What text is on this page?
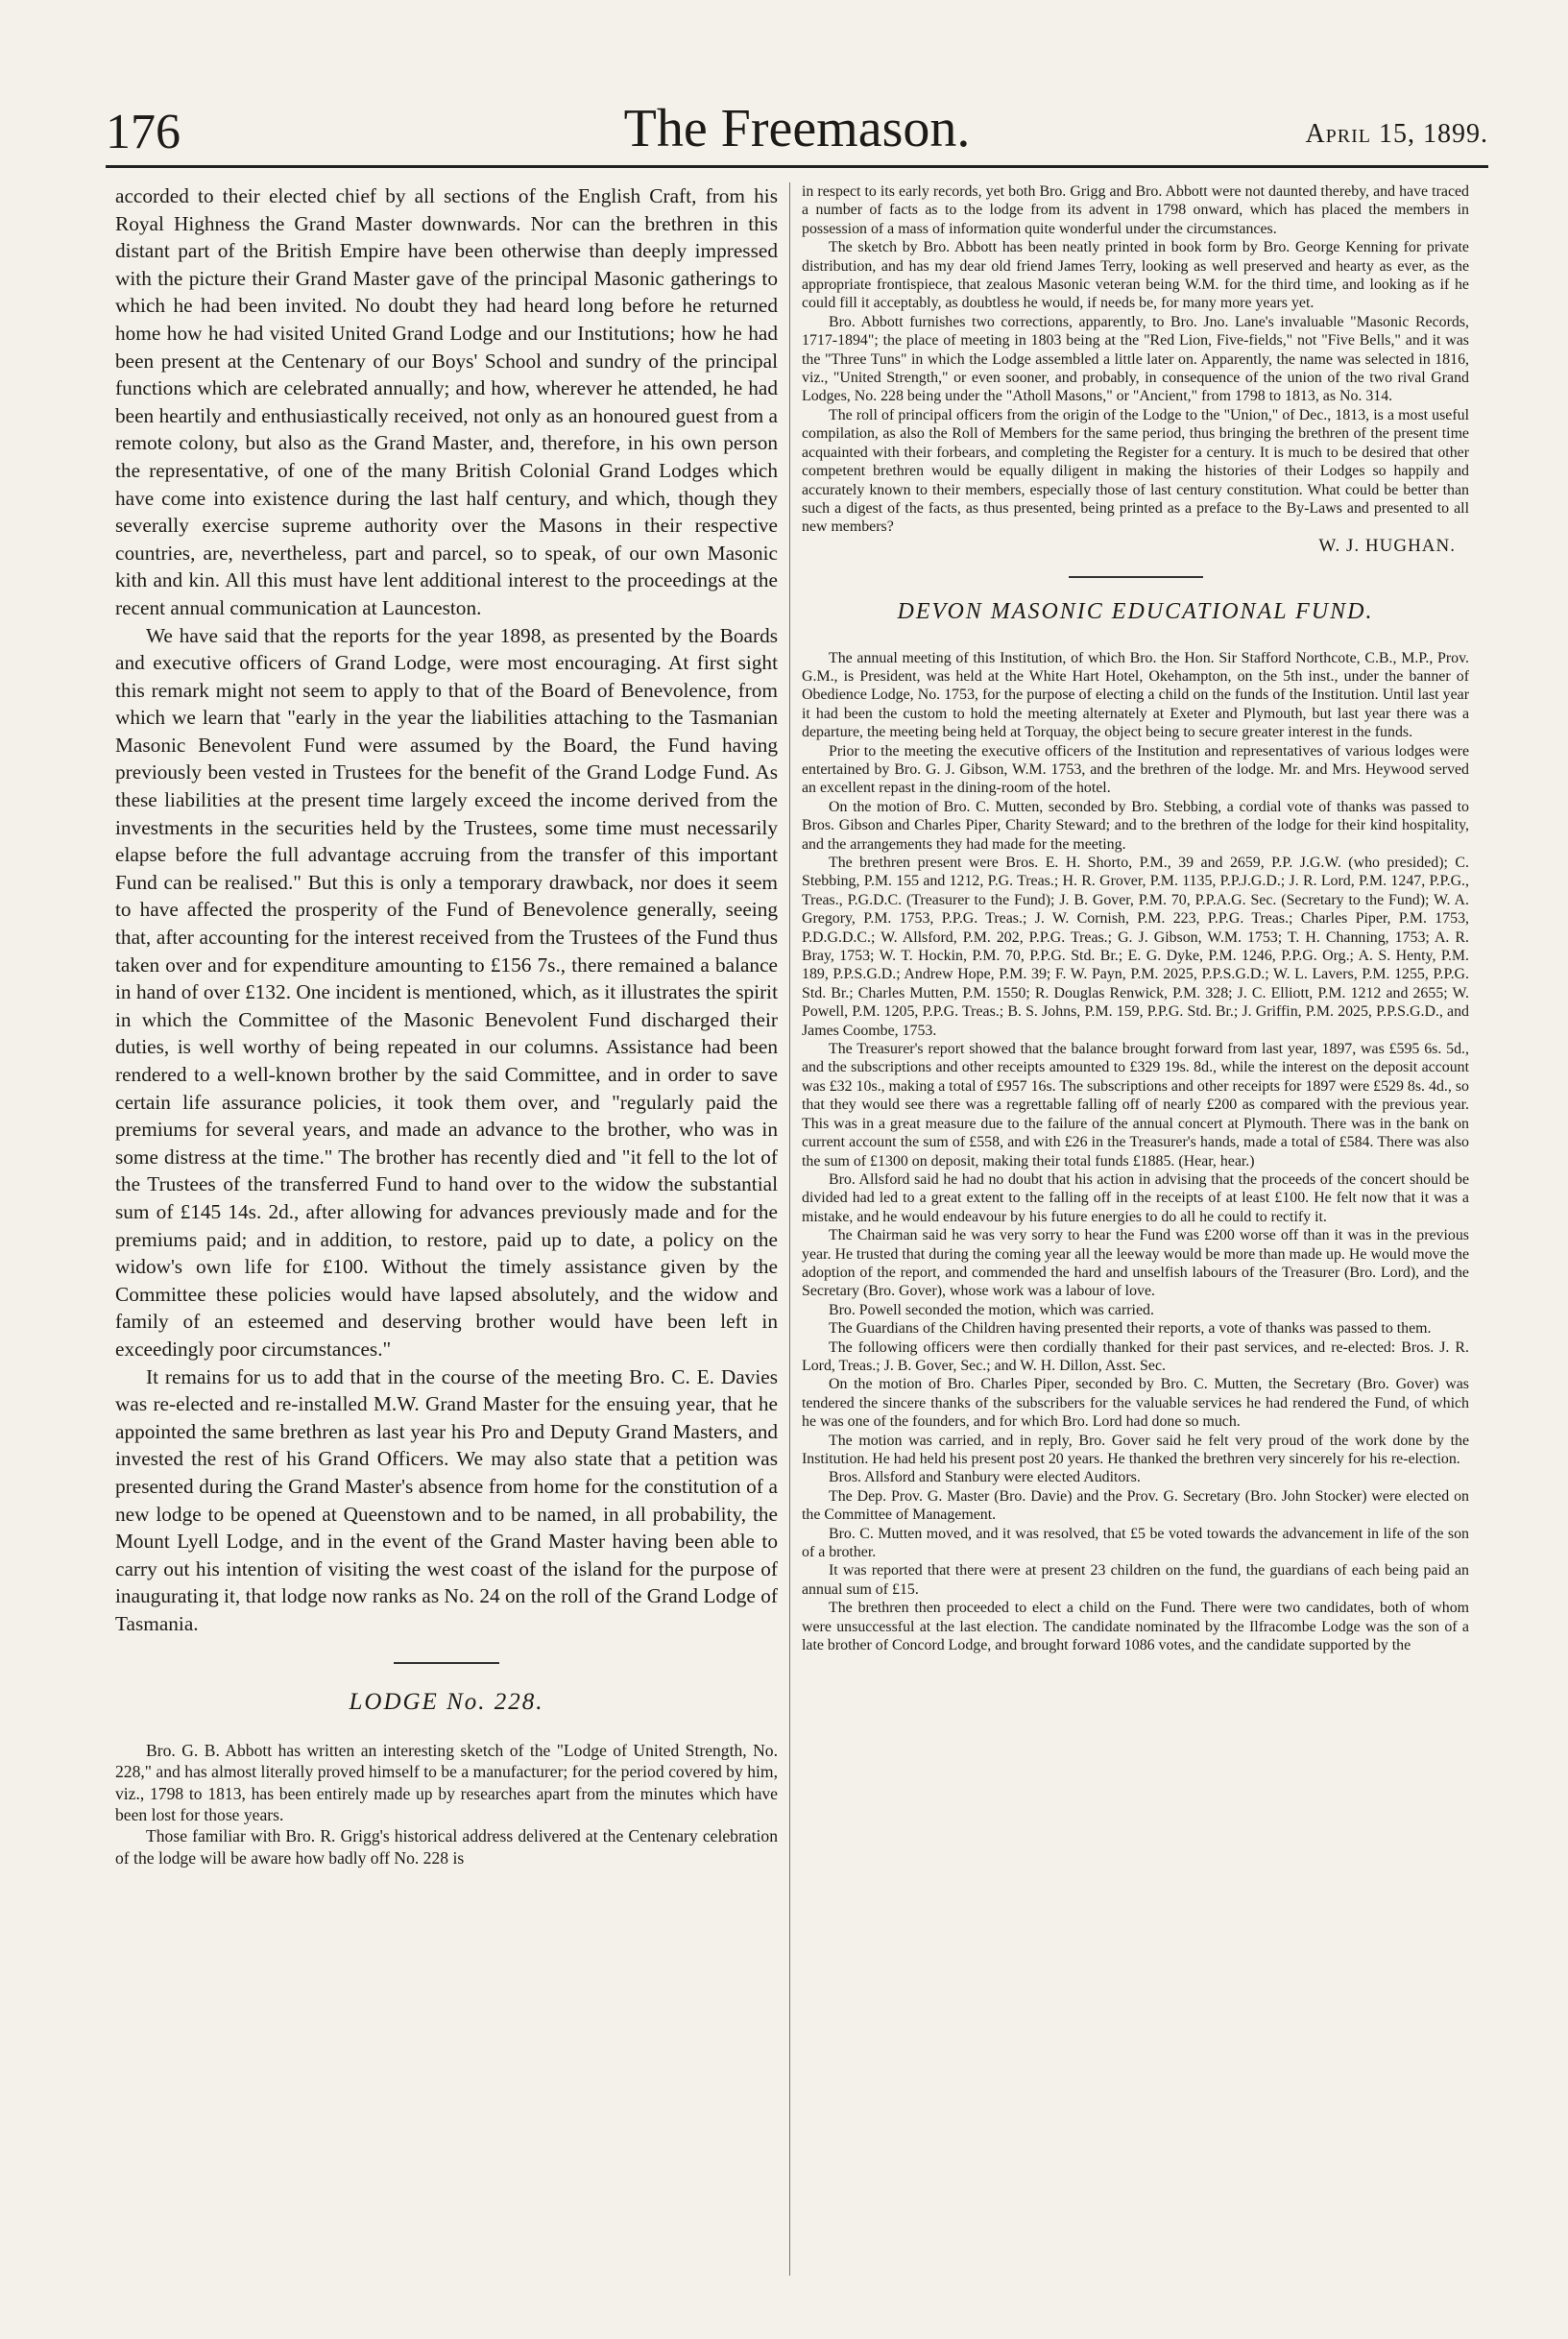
176	The Freemason.	April 15, 1899.

accorded to their elected chief by all sections of the English Craft, from his Royal Highness the Grand Master downwards. Nor can the brethren in this distant part of the British Empire have been otherwise than deeply impressed with the picture their Grand Master gave of the principal Masonic gatherings to which he had been invited. No doubt they had heard long before he returned home how he had visited United Grand Lodge and our Institutions; how he had been present at the Centenary of our Boys' School and sundry of the principal functions which are celebrated annually; and how, wherever he attended, he had been heartily and enthusiastically received, not only as an honoured guest from a remote colony, but also as the Grand Master, and, therefore, in his own person the representative, of one of the many British Colonial Grand Lodges which have come into existence during the last half century, and which, though they severally exercise supreme authority over the Masons in their respective countries, are, nevertheless, part and parcel, so to speak, of our own Masonic kith and kin. All this must have lent additional interest to the proceedings at the recent annual communication at Launceston.

We have said that the reports for the year 1898, as presented by the Boards and executive officers of Grand Lodge, were most encouraging. At first sight this remark might not seem to apply to that of the Board of Benevolence, from which we learn that "early in the year the liabilities attaching to the Tasmanian Masonic Benevolent Fund were assumed by the Board, the Fund having previously been vested in Trustees for the benefit of the Grand Lodge Fund. As these liabilities at the present time largely exceed the income derived from the investments in the securities held by the Trustees, some time must necessarily elapse before the full advantage accruing from the transfer of this important Fund can be realised." But this is only a temporary drawback, nor does it seem to have affected the prosperity of the Fund of Benevolence generally, seeing that, after accounting for the interest received from the Trustees of the Fund thus taken over and for expenditure amounting to £156 7s., there remained a balance in hand of over £132. One incident is mentioned, which, as it illustrates the spirit in which the Committee of the Masonic Benevolent Fund discharged their duties, is well worthy of being repeated in our columns. Assistance had been rendered to a well-known brother by the said Committee, and in order to save certain life assurance policies, it took them over, and "regularly paid the premiums for several years, and made an advance to the brother, who was in some distress at the time." The brother has recently died and "it fell to the lot of the Trustees of the transferred Fund to hand over to the widow the substantial sum of £145 14s. 2d., after allowing for advances previously made and for the premiums paid; and in addition, to restore, paid up to date, a policy on the widow's own life for £100. Without the timely assistance given by the Committee these policies would have lapsed absolutely, and the widow and family of an esteemed and deserving brother would have been left in exceedingly poor circumstances."

It remains for us to add that in the course of the meeting Bro. C. E. Davies was re-elected and re-installed M.W. Grand Master for the ensuing year, that he appointed the same brethren as last year his Pro and Deputy Grand Masters, and invested the rest of his Grand Officers. We may also state that a petition was presented during the Grand Master's absence from home for the constitution of a new lodge to be opened at Queenstown and to be named, in all probability, the Mount Lyell Lodge, and in the event of the Grand Master having been able to carry out his intention of visiting the west coast of the island for the purpose of inaugurating it, that lodge now ranks as No. 24 on the roll of the Grand Lodge of Tasmania.

LODGE No. 228.

Bro. G. B. Abbott has written an interesting sketch of the "Lodge of United Strength, No. 228," and has almost literally proved himself to be a manufacturer; for the period covered by him, viz., 1798 to 1813, has been entirely made up by researches apart from the minutes which have been lost for those years.

Those familiar with Bro. R. Grigg's historical address delivered at the Centenary celebration of the lodge will be aware how badly off No. 228 is

in respect to its early records, yet both Bro. Grigg and Bro. Abbott were not daunted thereby, and have traced a number of facts as to the lodge from its advent in 1798 onward, which has placed the members in possession of a mass of information quite wonderful under the circumstances.

The sketch by Bro. Abbott has been neatly printed in book form by Bro. George Kenning for private distribution, and has my dear old friend James Terry, looking as well preserved and hearty as ever, as the appropriate frontispiece, that zealous Masonic veteran being W.M. for the third time, and looking as if he could fill it acceptably, as doubtless he would, if needs be, for many more years yet.

Bro. Abbott furnishes two corrections, apparently, to Bro. Jno. Lane's invaluable "Masonic Records, 1717-1894"; the place of meeting in 1803 being at the "Red Lion, Five-fields," not "Five Bells," and it was the "Three Tuns" in which the Lodge assembled a little later on. Apparently, the name was selected in 1816, viz., "United Strength," or even sooner, and probably, in consequence of the union of the two rival Grand Lodges, No. 228 being under the "Atholl Masons," or "Ancient," from 1798 to 1813, as No. 314.

The roll of principal officers from the origin of the Lodge to the "Union," of Dec., 1813, is a most useful compilation, as also the Roll of Members for the same period, thus bringing the brethren of the present time acquainted with their forbears, and completing the Register for a century. It is much to be desired that other competent brethren would be equally diligent in making the histories of their Lodges so happily and accurately known to their members, especially those of last century constitution. What could be better than such a digest of the facts, as thus presented, being printed as a preface to the By-Laws and presented to all new members?

W. J. HUGHAN.

DEVON MASONIC EDUCATIONAL FUND.

The annual meeting of this Institution, of which Bro. the Hon. Sir Stafford Northcote, C.B., M.P., Prov. G.M., is President, was held at the White Hart Hotel, Okehampton, on the 5th inst., under the banner of Obedience Lodge, No. 1753, for the purpose of electing a child on the funds of the Institution. Until last year it had been the custom to hold the meeting alternately at Exeter and Plymouth, but last year there was a departure, the meeting being held at Torquay, the object being to secure greater interest in the funds.

Prior to the meeting the executive officers of the Institution and representatives of various lodges were entertained by Bro. G. J. Gibson, W.M. 1753, and the brethren of the lodge. Mr. and Mrs. Heywood served an excellent repast in the dining-room of the hotel.

On the motion of Bro. C. Mutten, seconded by Bro. Stebbing, a cordial vote of thanks was passed to Bros. Gibson and Charles Piper, Charity Steward; and to the brethren of the lodge for their kind hospitality, and the arrangements they had made for the meeting.

The brethren present were Bros. E. H. Shorto, P.M., 39 and 2659, P.P. J.G.W. (who presided); C. Stebbing, P.M. 155 and 1212, P.G. Treas.; H. R. Grover, P.M. 1135, P.P.J.G.D.; J. R. Lord, P.M. 1247, P.P.G., Treas., P.G.D.C. (Treasurer to the Fund); J. B. Gover, P.M. 70, P.P.A.G. Sec. (Secretary to the Fund); W. A. Gregory, P.M. 1753, P.P.G. Treas.; J. W. Cornish, P.M. 223, P.P.G. Treas.; Charles Piper, P.M. 1753, P.D.G.D.C.; W. Allsford, P.M. 202, P.P.G. Treas.; G. J. Gibson, W.M. 1753; T. H. Channing, 1753; A. R. Bray, 1753; W. T. Hockin, P.M. 70, P.P.G. Std. Br.; E. G. Dyke, P.M. 1246, P.P.G. Org.; A. S. Henty, P.M. 189, P.P.S.G.D.; Andrew Hope, P.M. 39; F. W. Payn, P.M. 2025, P.P.S.G.D.; W. L. Lavers, P.M. 1255, P.P.G. Std. Br.; Charles Mutten, P.M. 1550; R. Douglas Renwick, P.M. 328; J. C. Elliott, P.M. 1212 and 2655; W. Powell, P.M. 1205, P.P.G. Treas.; B. S. Johns, P.M. 159, P.P.G. Std. Br.; J. Griffin, P.M. 2025, P.P.S.G.D., and James Coombe, 1753.

The Treasurer's report showed that the balance brought forward from last year, 1897, was £595 6s. 5d., and the subscriptions and other receipts amounted to £329 19s. 8d., while the interest on the deposit account was £32 10s., making a total of £957 16s. The subscriptions and other receipts for 1897 were £529 8s. 4d., so that they would see there was a regrettable falling off of nearly £200 as compared with the previous year. This was in a great measure due to the failure of the annual concert at Plymouth. There was in the bank on current account the sum of £558, and with £26 in the Treasurer's hands, made a total of £584. There was also the sum of £1300 on deposit, making their total funds £1885. (Hear, hear.)

Bro. Allsford said he had no doubt that his action in advising that the proceeds of the concert should be divided had led to a great extent to the falling off in the receipts of at least £100. He felt now that it was a mistake, and he would endeavour by his future energies to do all he could to rectify it.

The Chairman said he was very sorry to hear the Fund was £200 worse off than it was in the previous year. He trusted that during the coming year all the leeway would be more than made up. He would move the adoption of the report, and commended the hard and unselfish labours of the Treasurer (Bro. Lord), and the Secretary (Bro. Gover), whose work was a labour of love.

Bro. Powell seconded the motion, which was carried.

The Guardians of the Children having presented their reports, a vote of thanks was passed to them.

The following officers were then cordially thanked for their past services, and re-elected: Bros. J. R. Lord, Treas.; J. B. Gover, Sec.; and W. H. Dillon, Asst. Sec.

On the motion of Bro. Charles Piper, seconded by Bro. C. Mutten, the Secretary (Bro. Gover) was tendered the sincere thanks of the subscribers for the valuable services he had rendered the Fund, of which he was one of the founders, and for which Bro. Lord had done so much.

The motion was carried, and in reply, Bro. Gover said he felt very proud of the work done by the Institution. He had held his present post 20 years. He thanked the brethren very sincerely for his re-election.

Bros. Allsford and Stanbury were elected Auditors.

The Dep. Prov. G. Master (Bro. Davie) and the Prov. G. Secretary (Bro. John Stocker) were elected on the Committee of Management.

Bro. C. Mutten moved, and it was resolved, that £5 be voted towards the advancement in life of the son of a brother.

It was reported that there were at present 23 children on the fund, the guardians of each being paid an annual sum of £15.

The brethren then proceeded to elect a child on the Fund. There were two candidates, both of whom were unsuccessful at the last election. The candidate nominated by the Ilfracombe Lodge was the son of a late brother of Concord Lodge, and brought forward 1086 votes, and the candidate supported by the
